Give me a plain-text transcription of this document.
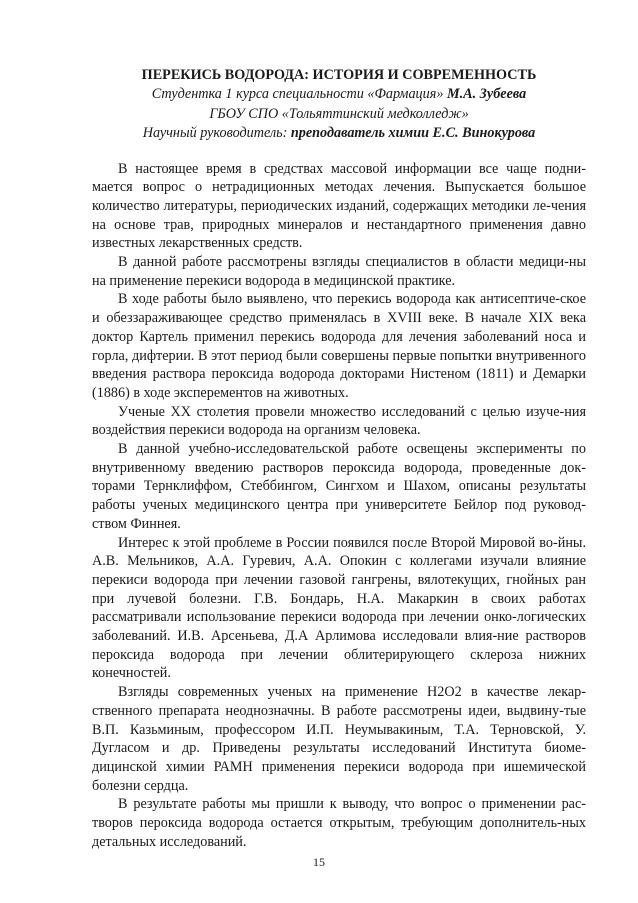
ПЕРЕКИСЬ ВОДОРОДА: ИСТОРИЯ И СОВРЕМЕННОСТЬ
Студентка 1 курса специальности «Фармация» М.А. Зубеева
ГБОУ СПО «Тольяттинский медколледж»
Научный руководитель: преподаватель химии Е.С. Винокурова

В настоящее время в средствах массовой информации все чаще подни-мается вопрос о нетрадиционных методах лечения. Выпускается большое количество литературы, периодических изданий, содержащих методики ле-чения на основе трав, природных минералов и нестандартного применения давно известных лекарственных средств.

В данной работе рассмотрены взгляды специалистов в области медици-ны на применение перекиси водорода в медицинской практике.

В ходе работы было выявлено, что перекись водорода как антисептиче-ское и обеззараживающее средство применялась в XVIII веке. В начале XIX века доктор Картель применил перекись водорода для лечения заболеваний носа и горла, дифтерии. В этот период были совершены первые попытки внутривенного введения раствора пероксида водорода докторами Нистеном (1811) и Демарки (1886) в ходе эксперементов на животных.

Ученые ХХ столетия провели множество исследований с целью изуче-ния воздействия перекиси водорода на организм человека.

В данной учебно-исследовательской работе освещены эксперименты по внутривенному введению растворов пероксида водорода, проведенные док-торами Тернклиффом, Стеббингом, Сингхом и Шахом, описаны результаты работы ученых медицинского центра при университете Бейлор под руковод-ством Финнея.

Интерес к этой проблеме в России появился после Второй Мировой во-йны. А.В. Мельников, А.А. Гуревич, А.А. Опокин с коллегами изучали влияние перекиси водорода при лечении газовой гангрены, вялотекущих, гнойных ран при лучевой болезни. Г.В. Бондарь, Н.А. Макаркин в своих работах рассматривали использование перекиси водорода при лечении онко-логических заболеваний. И.В. Арсеньева, Д.А Арлимова исследовали влия-ние растворов пероксида водорода при лечении облитерирующего склероза нижних конечностей.

Взгляды современных ученых на применение Н2О2 в качестве лекар-ственного препарата неоднозначны. В работе рассмотрены идеи, выдвину-тые В.П. Казьминым, профессором И.П. Неумывакиным, Т.А. Терновской, У. Дугласом и др. Приведены результаты исследований Института биоме-дицинской химии РАМН применения перекиси водорода при ишемической болезни сердца.

В результате работы мы пришли к выводу, что вопрос о применении рас-творов пероксида водорода остается открытым, требующим дополнитель-ных детальных исследований.

15
